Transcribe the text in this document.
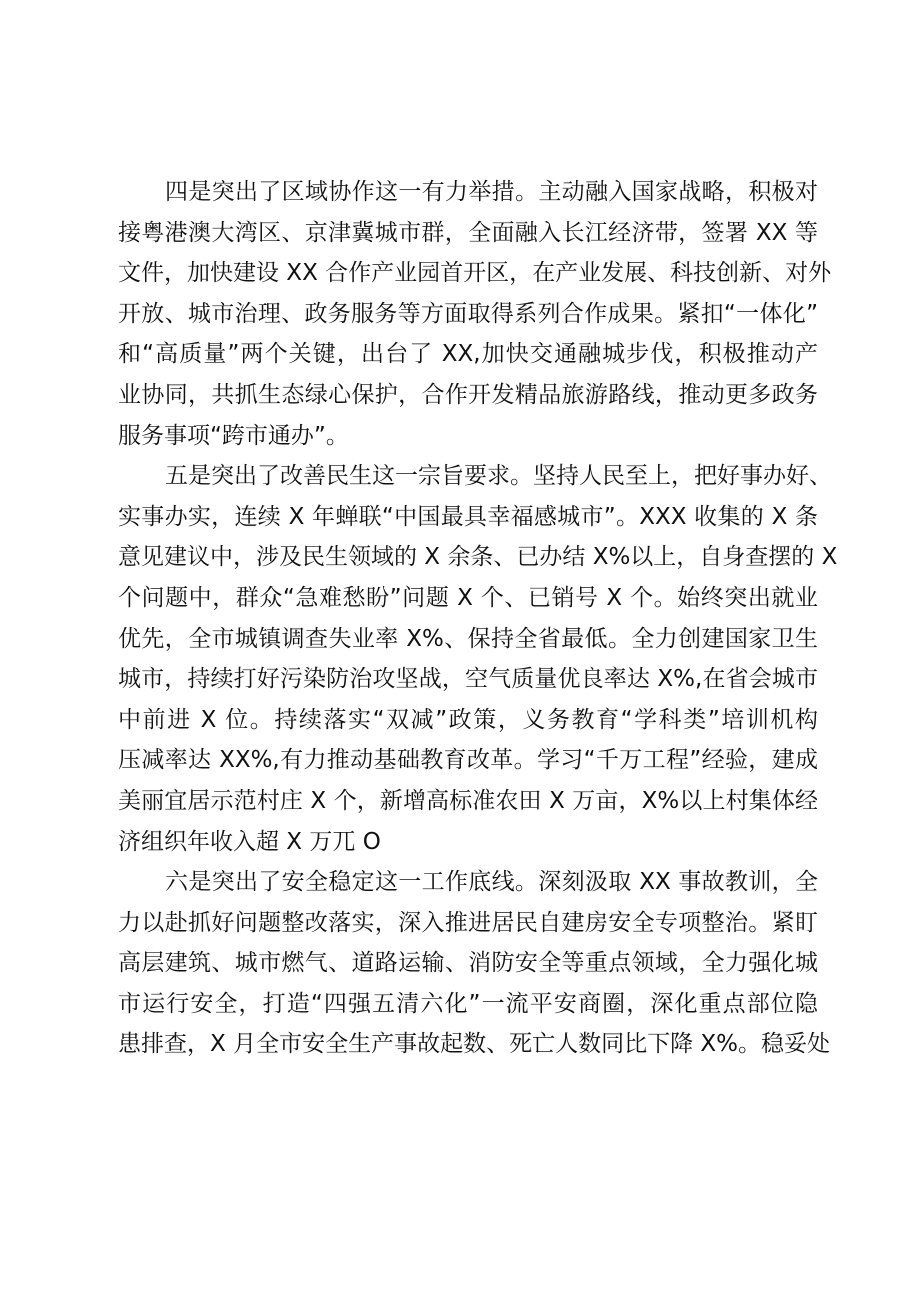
四是突出了区域协作这一有力举措。主动融入国家战略，积极对
接粤港澳大湾区、京津冀城市群，全面融入长江经济带，签署 XX 等
文件，加快建设 XX 合作产业园首开区，在产业发展、科技创新、对外
开放、城市治理、政务服务等方面取得系列合作成果。紧扣“一体化”
和“高质量”两个关键，出台了 XX,加快交通融城步伐，积极推动产
业协同，共抓生态绿心保护，合作开发精品旅游路线，推动更多政务
服务事项“跨市通办”。
五是突出了改善民生这一宗旨要求。坚持人民至上，把好事办好、
实事办实，连续 X 年蝉联“中国最具幸福感城市”。XXX 收集的 X 条
意见建议中，涉及民生领域的 X 余条、已办结 X%以上，自身查摆的 X
个问题中，群众“急难愁盼”问题 X 个、已销号 X 个。始终突出就业
优先，全市城镇调查失业率 X%、保持全省最低。全力创建国家卫生
城市，持续打好污染防治攻坚战，空气质量优良率达 X%,在省会城市
中前进 X 位。持续落实“双减”政策，义务教育“学科类”培训机构
压减率达 XX%,有力推动基础教育改革。学习“千万工程”经验，建成
美丽宜居示范村庄 X 个，新增高标准农田 X 万亩，X%以上村集体经
济组织年收入超 X 万兀 O
六是突出了安全稳定这一工作底线。深刻汲取 XX 事故教训，全
力以赴抓好问题整改落实，深入推进居民自建房安全专项整治。紧盯
高层建筑、城市燃气、道路运输、消防安全等重点领域，全力强化城
市运行安全，打造“四强五清六化”一流平安商圈，深化重点部位隐
患排查，X 月全市安全生产事故起数、死亡人数同比下降 X%。稳妥处
